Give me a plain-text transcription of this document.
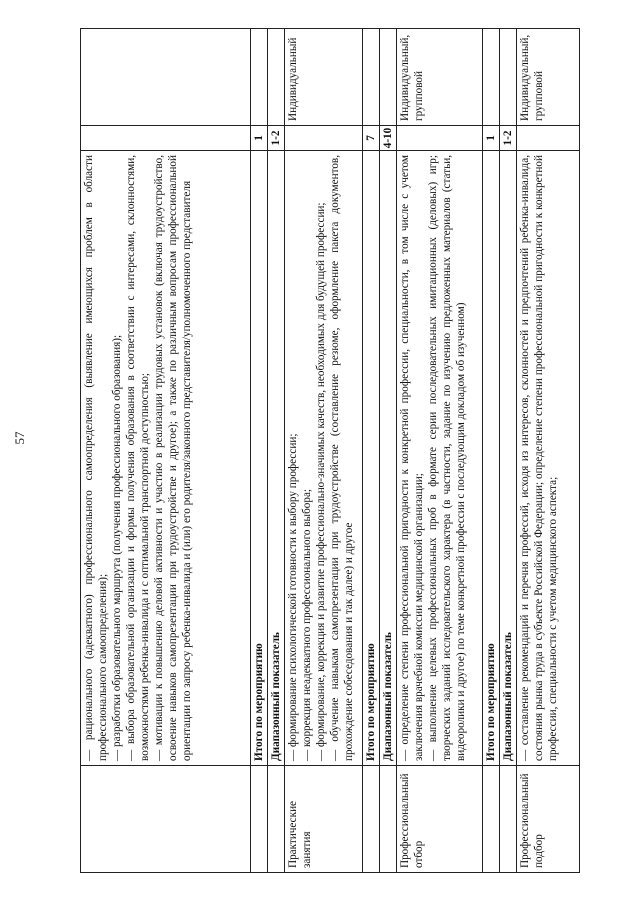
57

	— рационального (адекватного) профессионального самоопределения (выявление имеющихся проблем в области профессионального самоопределения); — разработки образовательного маршрута (получения профессионального образования); — выбора образовательной организации и формы получения образования в соответствии с интересами, склонностями, возможностями ребенка-инвалида и с оптимальной транспортной доступностью; — мотивации к повышению деловой активности и участию в реализации трудовых установок (включая трудоустройство, освоение навыков самопрезентации при трудоустройстве и другое); а также по различным вопросам профессиональной ориентации по запросу ребенка-инвалида и (или) его родителя/законного представителя/уполномоченного представителя

	Итого по мероприятию	1	
	Диапазонный показатель	1-2	
Практические занятия	— формирование психологической готовности к выбору профессии; — коррекция неадекватного профессионального выбора; — формирование, коррекция и развитие профессионально-значимых качеств, необходимых для будущей профессии; — обучение навыкам самопрезентации при трудоустройстве (составление резюме, оформление пакета документов, прохождение собеседования и так далее) и другое		Индивидуальный
	Итого по мероприятию	7	
	Диапазонный показатель	4-10	
Профессиональный отбор	— определение степени профессиональной пригодности к конкретной профессии, специальности, в том числе с учетом заключения врачебной комиссии медицинской организации; — выполнение целевых профессиональных проб в формате серии последовательных имитационных (деловых) игр; творческих заданий исследовательского характера (в частности, задание по изучению предложенных материалов (статьи, видеоролики и другое) по теме конкретной профессии с последующим докладом об изученном)		Индивидуальный, групповой
	Итого по мероприятию	1	
	Диапазонный показатель	1-2	
Профессиональный подбор	— составление рекомендаций и перечня профессий, исходя из интересов, склонностей и предпочтений ребенка-инвалида, состояния рынка труда в субъекте Российской Федерации; определение степени профессиональной пригодности к конкретной профессии, специальности с учетом медицинского аспекта;		Индивидуальный, групповой
